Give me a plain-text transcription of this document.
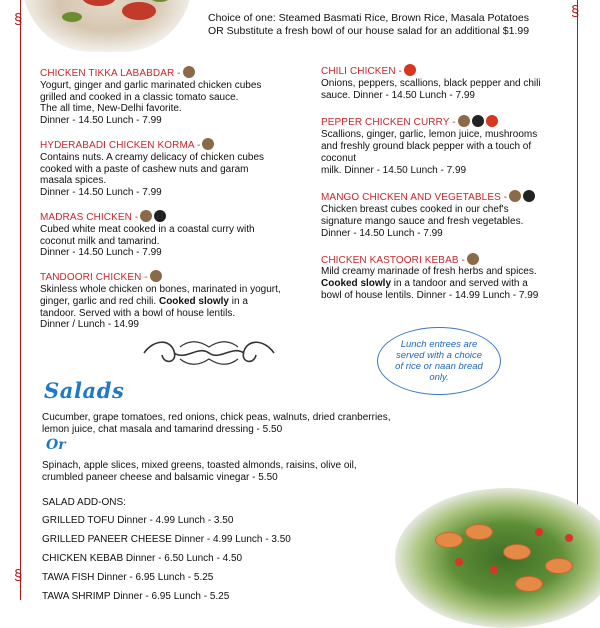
§	§
§
Choice of one: Steamed Basmati Rice, Brown Rice, Masala Potatoes
OR Substitute a fresh bowl of our house salad for an additional $1.99
CHICKEN TIKKA LABABDAR -
Yogurt, ginger and garlic marinated chicken cubes
grilled and cooked in a classic tomato sauce.
The all time, New-Delhi favorite.
Dinner - 14.50 Lunch - 7.99
HYDERABADI CHICKEN KORMA -
Contains nuts. A creamy delicacy of chicken cubes
cooked with a paste of cashew nuts and garam
masala spices.
Dinner - 14.50 Lunch - 7.99
MADRAS CHICKEN -
Cubed white meat cooked in a coastal curry with
coconut milk and tamarind.
Dinner - 14.50 Lunch - 7.99
TANDOORI CHICKEN -
Skinless whole chicken on bones, marinated in yogurt,
ginger, garlic and red chili. Cooked slowly in a
tandoor. Served with a bowl of house lentils.
Dinner / Lunch - 14.99
CHILI CHICKEN -
Onions, peppers, scallions, black pepper and chili
sauce. Dinner - 14.50 Lunch - 7.99
PEPPER CHICKEN CURRY -
Scallions, ginger, garlic, lemon juice, mushrooms
and freshly ground black pepper with a touch of coconut
milk. Dinner - 14.50 Lunch - 7.99
MANGO CHICKEN AND VEGETABLES -
Chicken breast cubes cooked in our chef's
signature mango sauce and fresh vegetables.
Dinner - 14.50 Lunch - 7.99
CHICKEN KASTOORI KEBAB -
Mild creamy marinade of fresh herbs and spices.
Cooked slowly in a tandoor and served with a
bowl of house lentils. Dinner - 14.99 Lunch - 7.99
Lunch entrees are served with a choice of rice or naan bread only.
Salads
Cucumber, grape tomatoes, red onions, chick peas, walnuts, dried cranberries, lemon juice, chat masala and tamarind dressing - 5.50
Or
Spinach, apple slices, mixed greens, toasted almonds, raisins, olive oil, crumbled paneer cheese and balsamic vinegar - 5.50
SALAD ADD-ONS:
GRILLED TOFU Dinner - 4.99 Lunch - 3.50
GRILLED PANEER CHEESE Dinner - 4.99 Lunch - 3.50
CHICKEN KEBAB Dinner - 6.50 Lunch - 4.50
TAWA FISH Dinner - 6.95 Lunch - 5.25
TAWA SHRIMP Dinner - 6.95 Lunch - 5.25
